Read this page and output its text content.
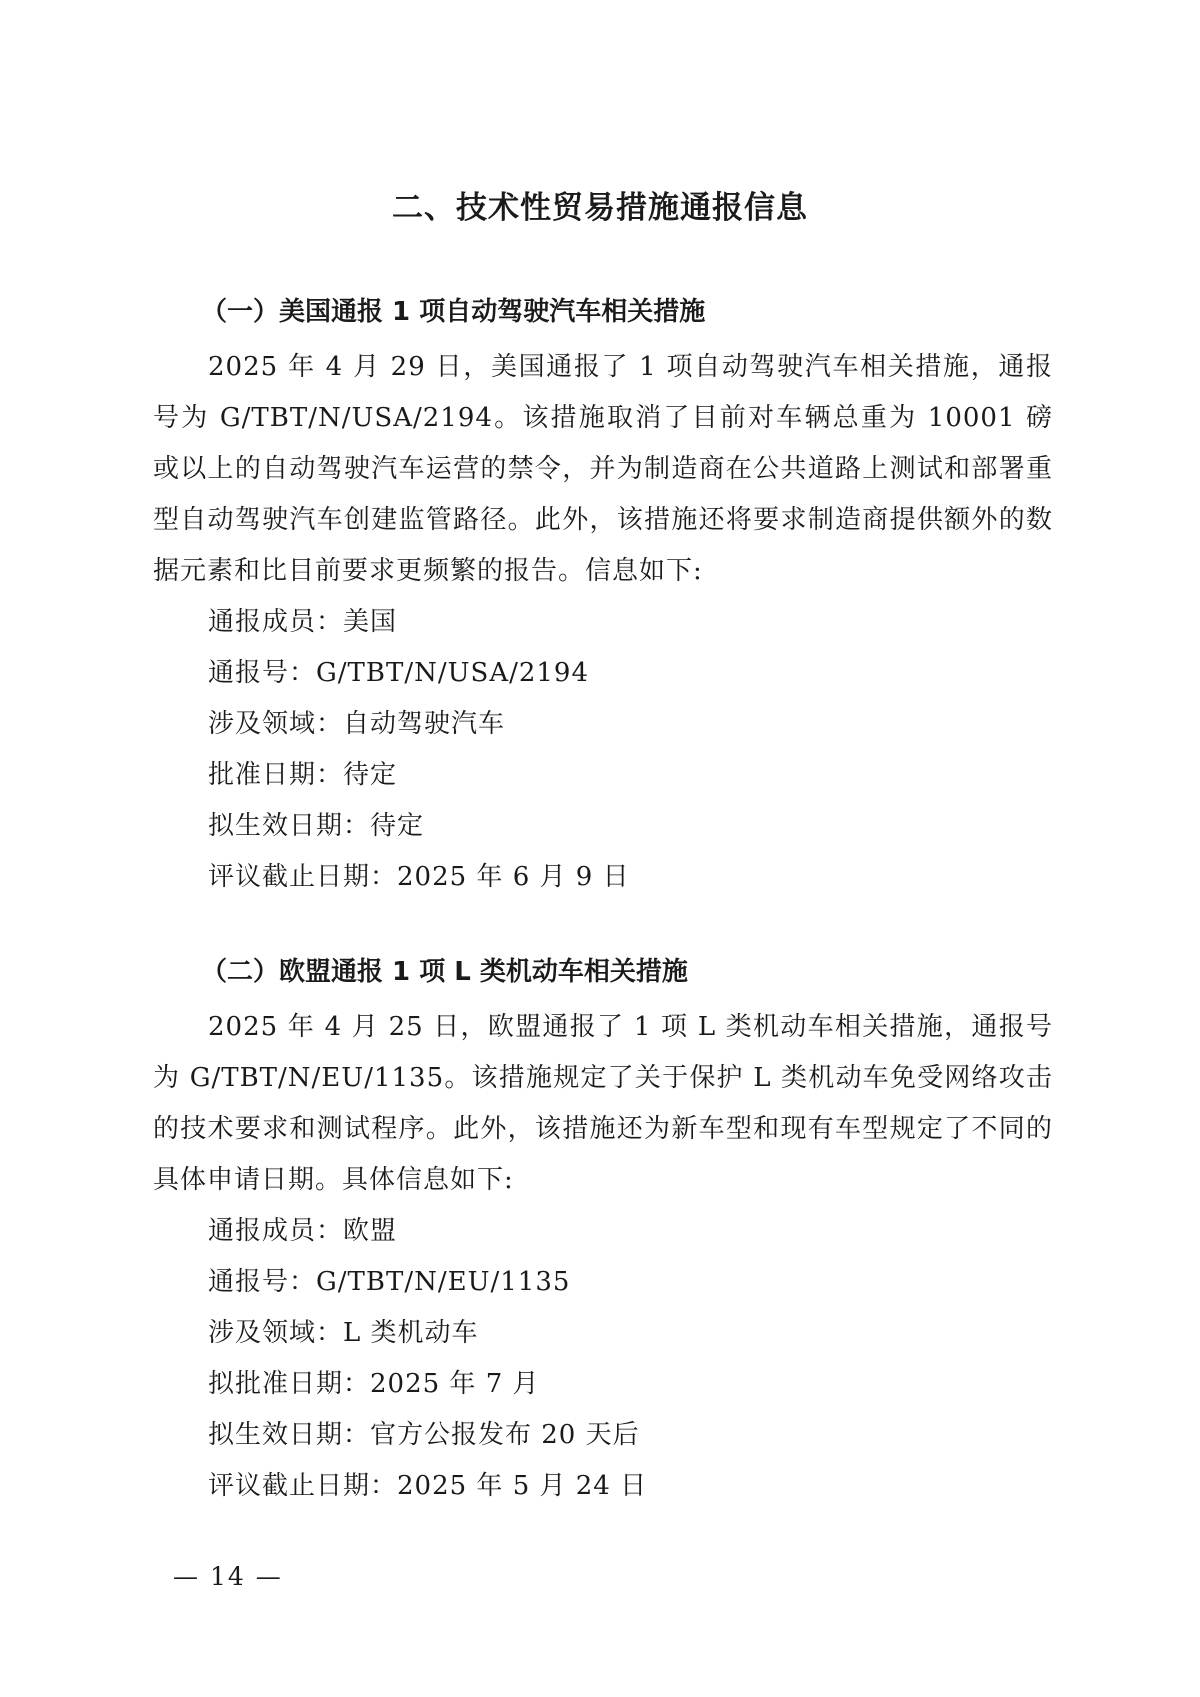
二、技术性贸易措施通报信息
（一）美国通报 1 项自动驾驶汽车相关措施

2025 年 4 月 29 日，美国通报了 1 项自动驾驶汽车相关措施，通报号为 G/TBT/N/USA/2194。该措施取消了目前对车辆总重为 10001 磅或以上的自动驾驶汽车运营的禁令，并为制造商在公共道路上测试和部署重型自动驾驶汽车创建监管路径。此外，该措施还将要求制造商提供额外的数据元素和比目前要求更频繁的报告。信息如下:

通报成员：美国
通报号：G/TBT/N/USA/2194
涉及领域：自动驾驶汽车
批准日期：待定
拟生效日期：待定
评议截止日期：2025 年 6 月 9 日
（二）欧盟通报 1 项 L 类机动车相关措施

2025 年 4 月 25 日，欧盟通报了 1 项 L 类机动车相关措施，通报号为 G/TBT/N/EU/1135。该措施规定了关于保护 L 类机动车免受网络攻击的技术要求和测试程序。此外，该措施还为新车型和现有车型规定了不同的具体申请日期。具体信息如下:

通报成员：欧盟
通报号：G/TBT/N/EU/1135
涉及领域：L 类机动车
拟批准日期：2025 年 7 月
拟生效日期：官方公报发布 20 天后
评议截止日期：2025 年 5 月 24 日
— 14 —
